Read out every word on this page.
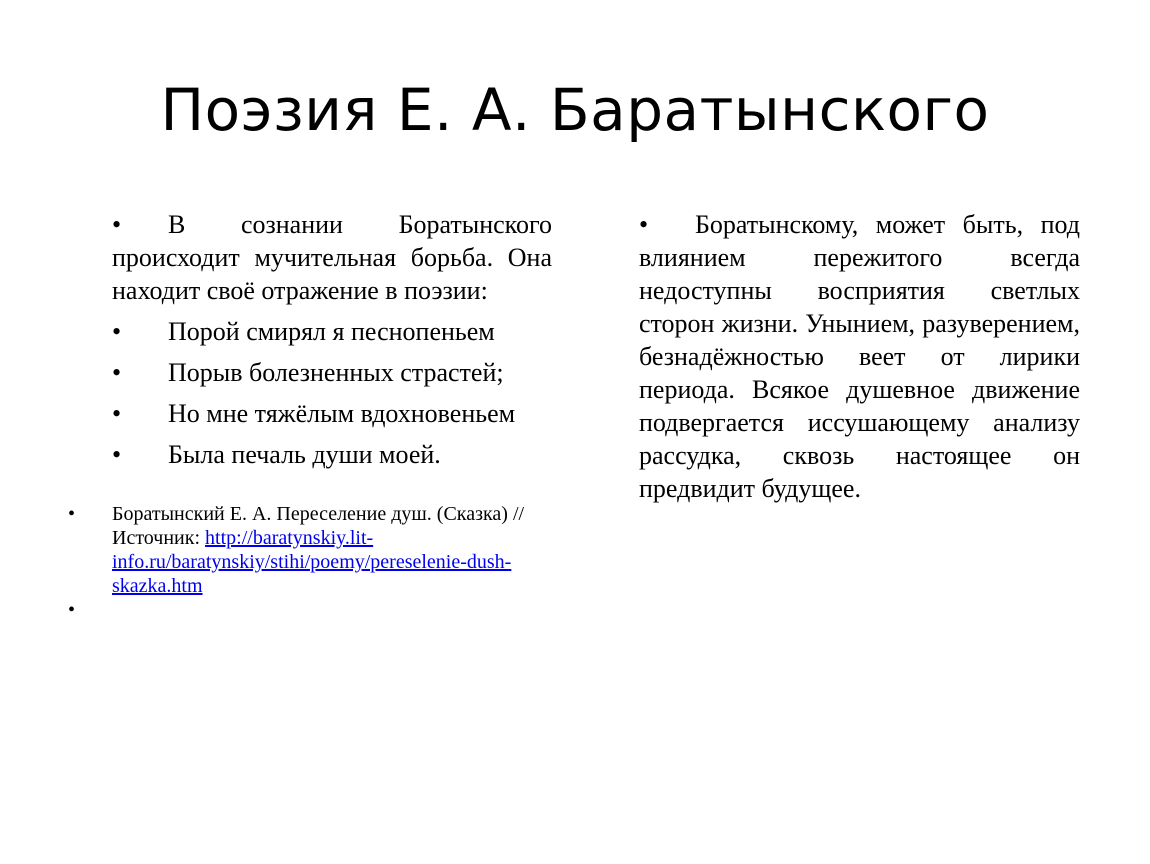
Поэзия Е. А. Баратынского
• В сознании Боратынского происходит мучительная борьба. Она находит своё отражение в поэзии:
•	Порой смирял я песнопеньем
•	Порыв болезненных страстей;
•	Но мне тяжёлым вдохновеньем
•	Была печаль души моей.
•	Боратынский Е. А. Переселение душ. (Сказка) // Источник: http://baratynskiy.lit-info.ru/baratynskiy/stihi/poemy/pereselenie-dush-skazka.htm
•
• Боратынскому, может быть, под влиянием пережитого всегда недоступны восприятия светлых сторон жизни. Унынием, разуверением, безнадёжностью веет от лирики периода. Всякое душевное движение подвергается иссушающему анализу рассудка, сквозь настоящее он предвидит будущее.
